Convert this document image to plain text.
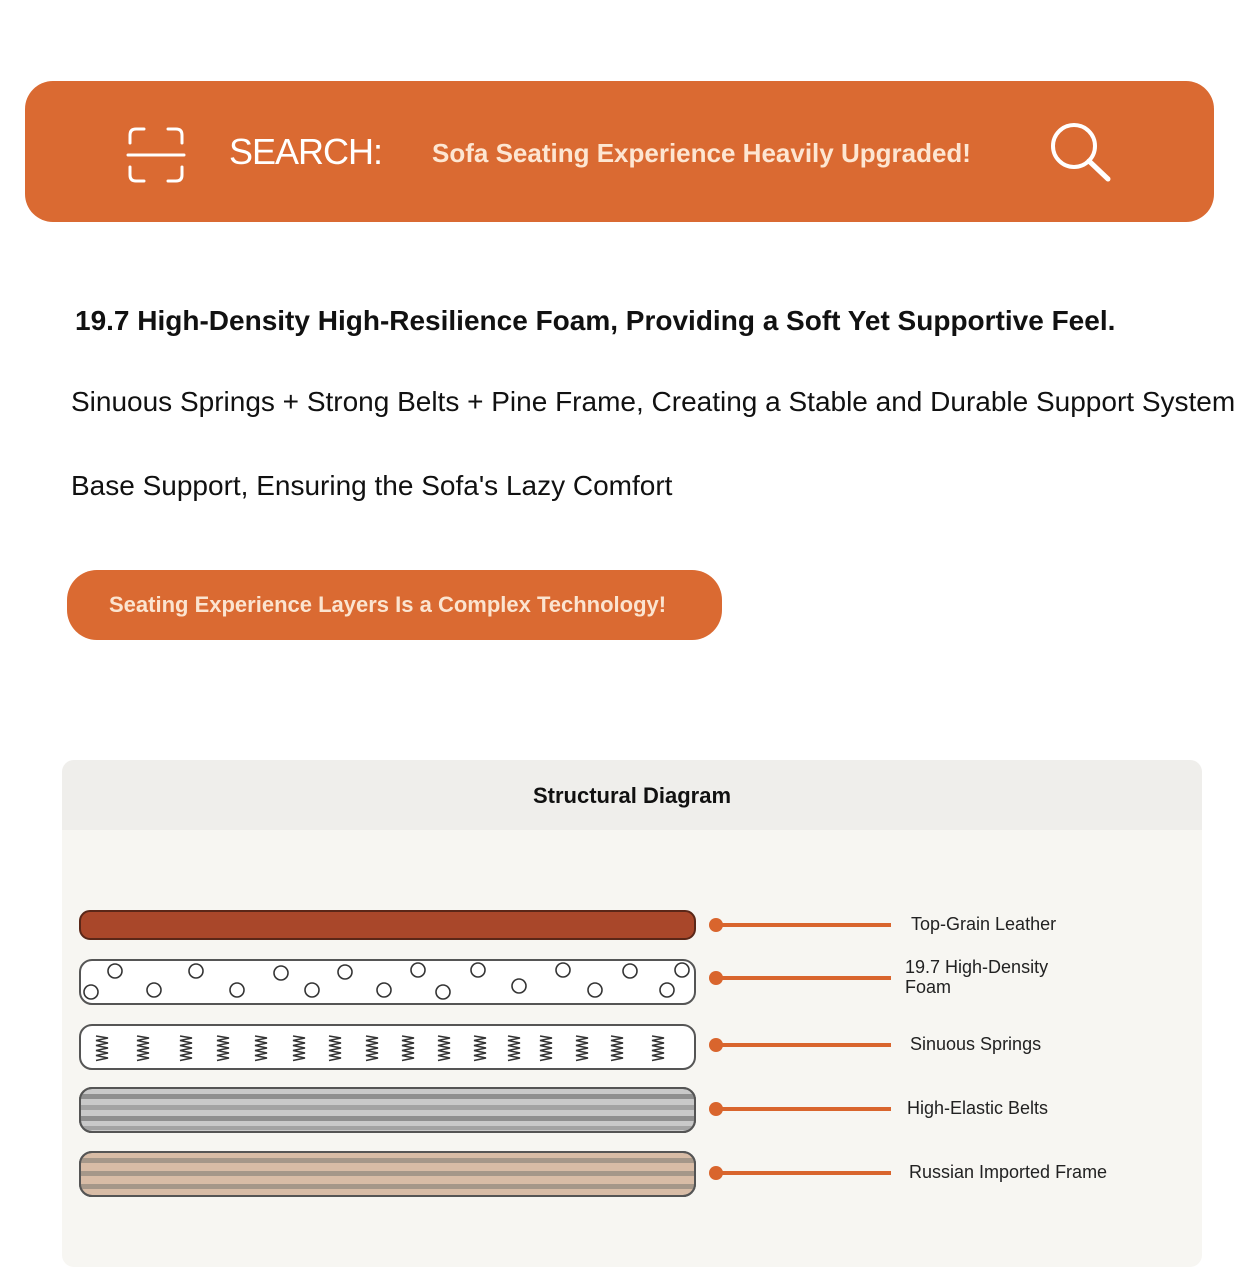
SEARCH: Sofa Seating Experience Heavily Upgraded!
19.7 High-Density High-Resilience Foam, Providing a Soft Yet Supportive Feel.
Sinuous Springs + Strong Belts + Pine Frame, Creating a Stable and Durable Support System
Base Support, Ensuring the Sofa's Lazy Comfort
Seating Experience Layers Is a Complex Technology!
Structural Diagram
Top-Grain Leather
19.7 High-Density
Foam
Sinuous Springs
High-Elastic Belts
Russian Imported Frame
